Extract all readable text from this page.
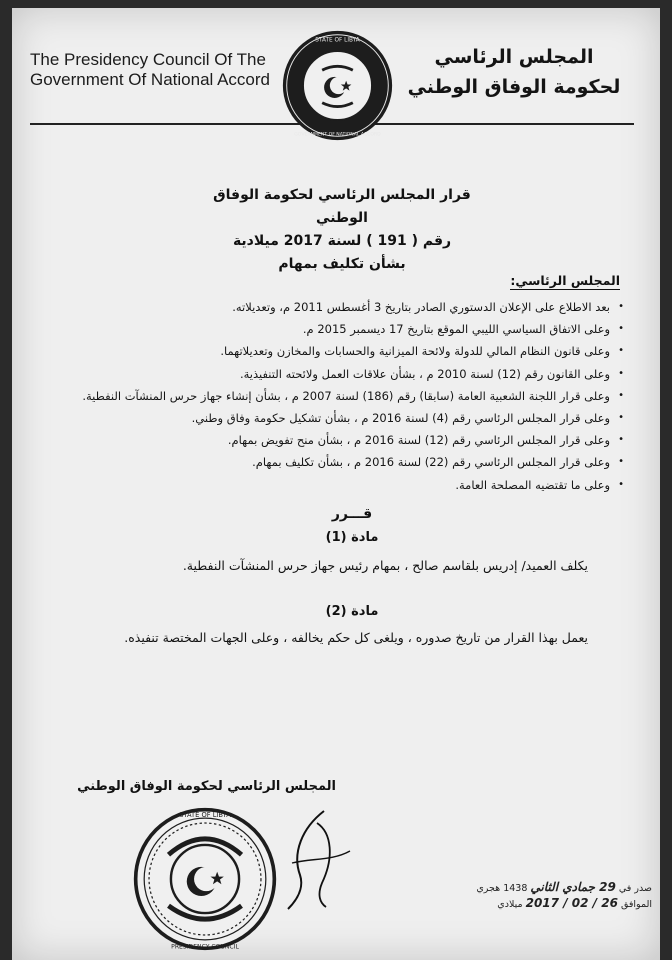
The Presidency Council Of The
Government Of National Accord
المجلس الرئاسي
لحكومة الوفاق الوطني
STATE OF LIBYA
GOVERNMENT OF NATIONAL ACCORD
قرار المجلس الرئاسي لحكومة الوفاق الوطني
رقم ( 191 ) لسنة 2017 ميلادية
بشأن تكليف بمهام
المجلس الرئاسي:
• بعد الاطلاع على الإعلان الدستوري الصادر بتاريخ 3 أغسطس 2011 م، وتعديلاته.
• وعلى الاتفاق السياسي الليبي الموقع بتاريخ 17 ديسمبر 2015 م.
• وعلى قانون النظام المالي للدولة ولائحة الميزانية والحسابات والمخازن وتعديلاتهما.
• وعلى القانون رقم (12) لسنة 2010 م ، بشأن علاقات العمل ولائحته التنفيذية.
• وعلى قرار اللجنة الشعبية العامة (سابقا) رقم (186) لسنة 2007 م ، بشأن إنشاء جهاز حرس المنشآت النفطية.
• وعلى قرار المجلس الرئاسي رقم (4) لسنة 2016 م ، بشأن تشكيل حكومة وفاق وطني.
• وعلى قرار المجلس الرئاسي رقم (12) لسنة 2016 م ، بشأن منح تفويض بمهام.
• وعلى قرار المجلس الرئاسي رقم (22) لسنة 2016 م ، بشأن تكليف بمهام.
• وعلى ما تقتضيه المصلحة العامة.
قـــرر
مادة (1)
يكلف العميد/ إدريس بلقاسم صالح ، بمهام رئيس جهاز حرس المنشآت النفطية.
مادة (2)
يعمل بهذا القرار من تاريخ صدوره ، ويلغى كل حكم يخالفه ، وعلى الجهات المختصة تنفيذه.
المجلس الرئاسي لحكومة الوفاق الوطني
STATE OF LIBYA
PRESIDENCY COUNCIL
صدر في 29 جمادي الثاني 1438 هجري
الموافق 26 / 02 / 2017 ميلادي
